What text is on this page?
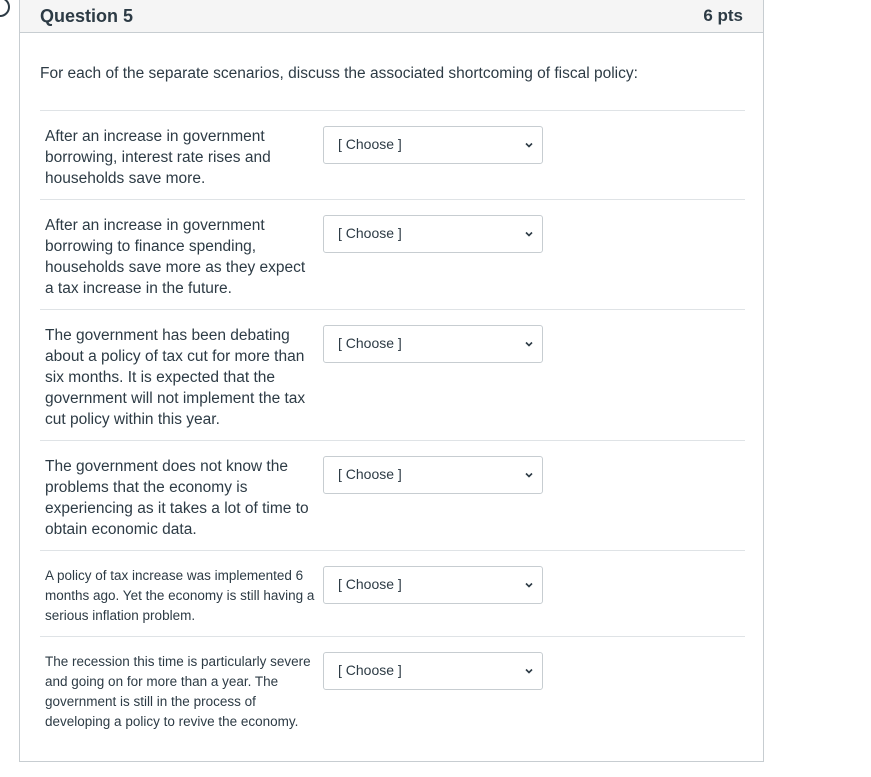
Question 5	6 pts
For each of the separate scenarios, discuss the associated shortcoming of fiscal policy:
After an increase in government borrowing, interest rate rises and households save more.
[ Choose ]
After an increase in government borrowing to finance spending, households save more as they expect a tax increase in the future.
[ Choose ]
The government has been debating about a policy of tax cut for more than six months. It is expected that the government will not implement the tax cut policy within this year.
[ Choose ]
The government does not know the problems that the economy is experiencing as it takes a lot of time to obtain economic data.
[ Choose ]
A policy of tax increase was implemented 6 months ago. Yet the economy is still having a serious inflation problem.
[ Choose ]
The recession this time is particularly severe and going on for more than a year. The government is still in the process of developing a policy to revive the economy.
[ Choose ]
